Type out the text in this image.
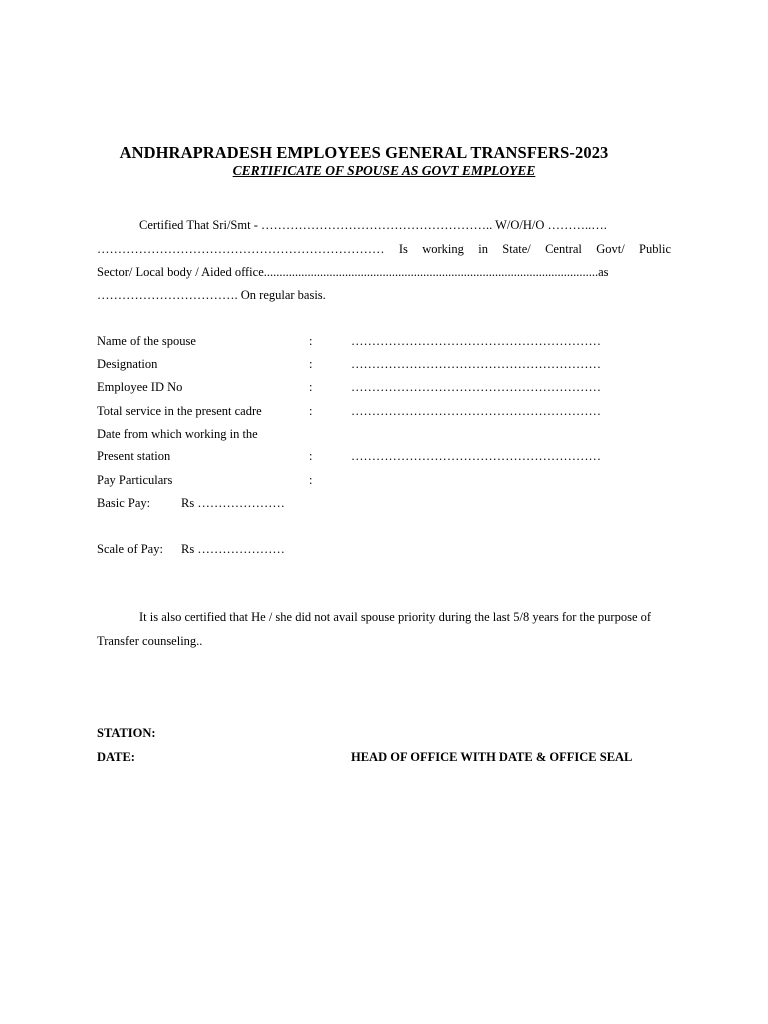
ANDHRAPRADESH EMPLOYEES GENERAL TRANSFERS-2023
CERTIFICATE OF SPOUSE AS GOVT EMPLOYEE
Certified That Sri/Smt - ……………………………………………….. W/O/H/O ………..….
…………………………………………………………… Is working in State/ Central Govt/ Public
Sector/ Local body / Aided office...........................................................................................................as
……………………………. On regular basis.
Name of the spouse	:	……………………………………………………
Designation	:	……………………………………………………
Employee ID No	:	……………………………………………………
Total service in the present cadre	:	……………………………………………………
Date from which working in the
Present station	:	……………………………………………………
Pay Particulars	:
Basic Pay: Rs …………………
Scale of Pay: Rs …………………
It is also certified that He / she did not avail spouse priority during the last 5/8 years for the purpose of
Transfer counseling..
STATION:
DATE:	HEAD OF OFFICE WITH DATE & OFFICE SEAL
